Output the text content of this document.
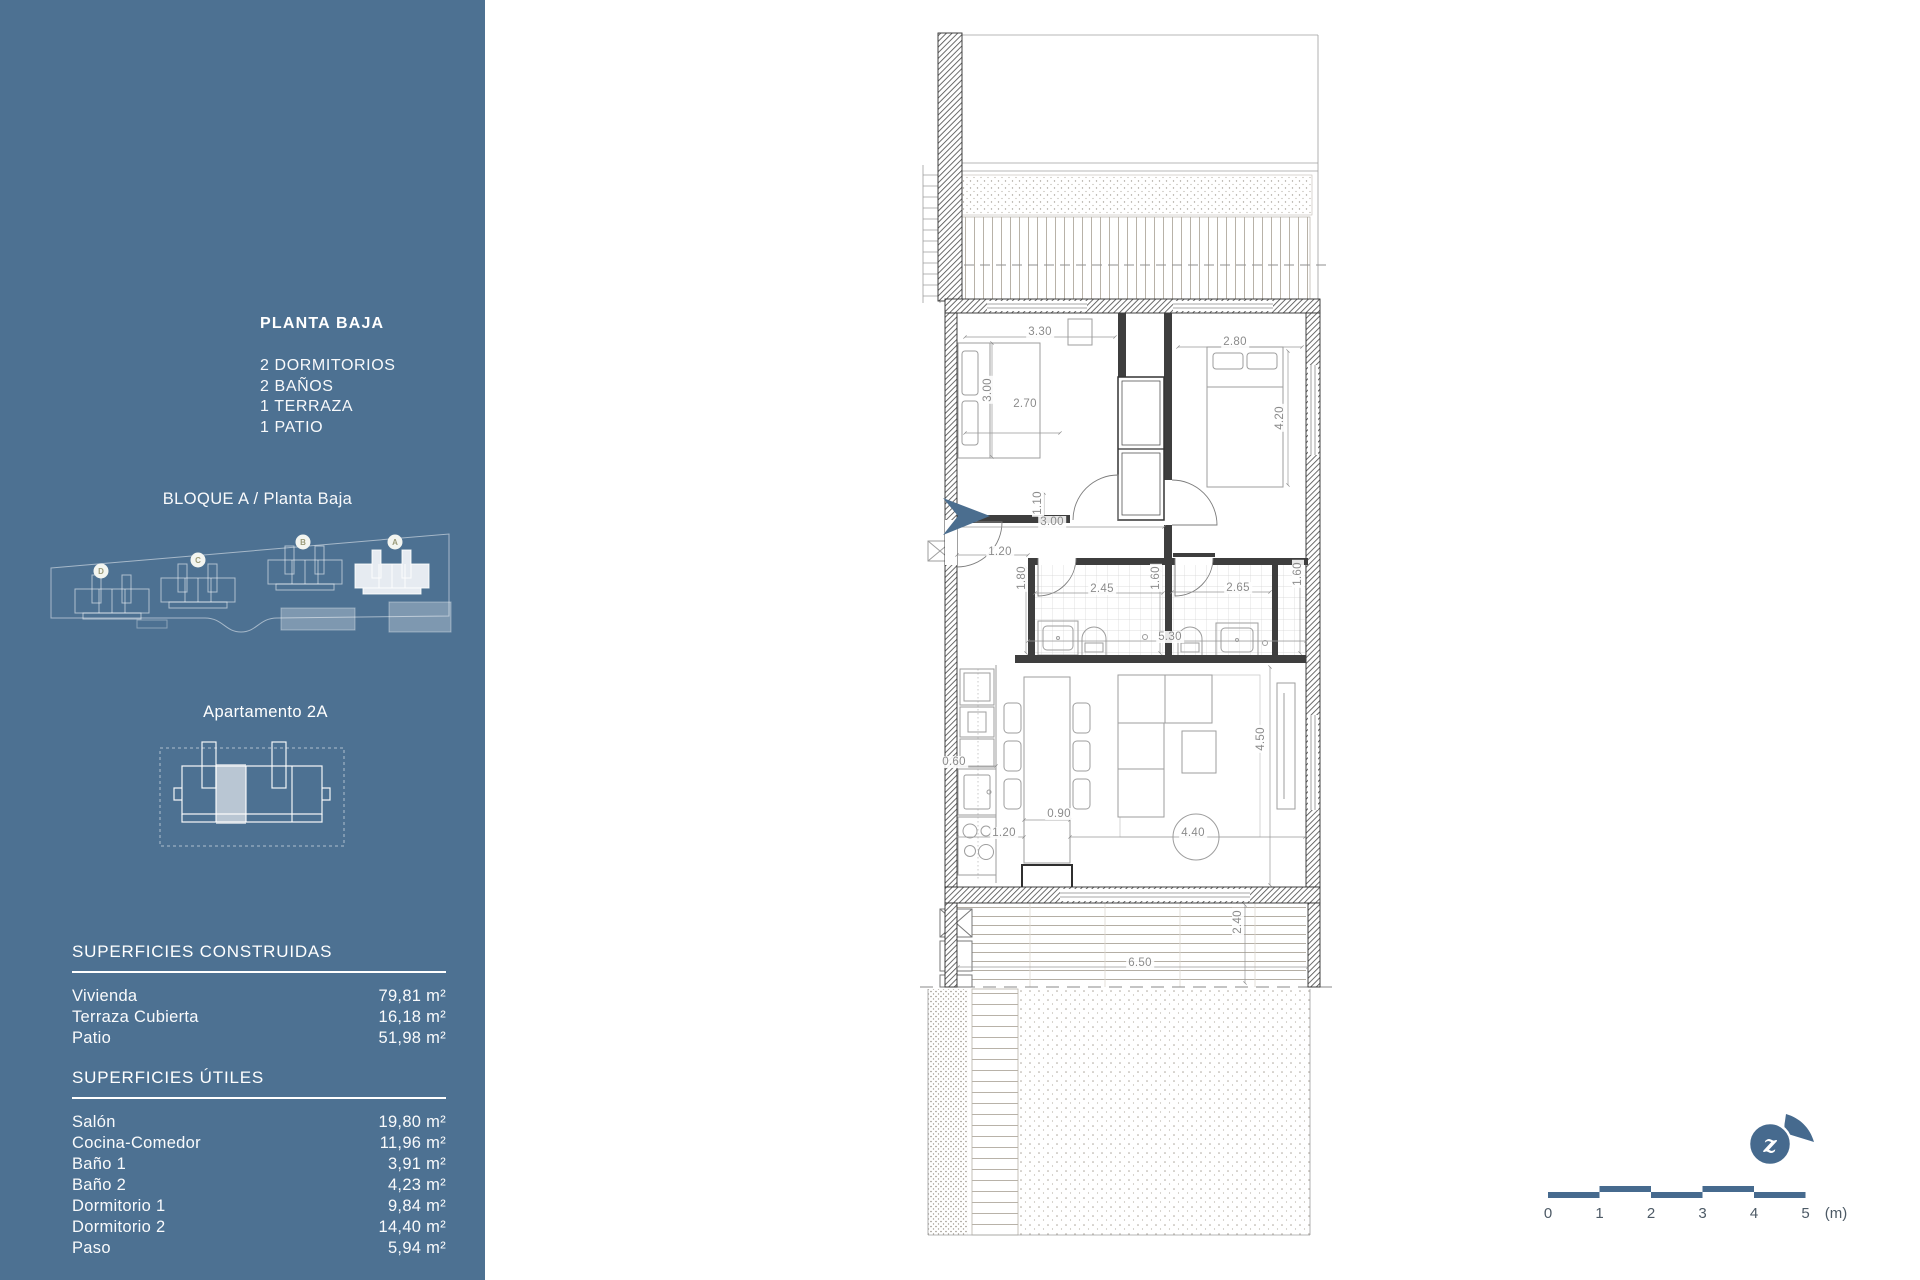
PLANTA BAJA
2 DORMITORIOS
2 BAÑOS
1 TERRAZA
1 PATIO
BLOQUE A / Planta Baja
D
C
B	A
Apartamento 2A
SUPERFICIES CONSTRUIDAS
Vivienda	79,81 m²
Terraza Cubierta	16,18 m²
Patio	51,98 m²
SUPERFICIES ÚTILES
Salón	19,80 m²
Cocina-Comedor	11,96 m²
Baño 1	3,91 m²
Baño 2	4,23 m²
Dormitorio 1	9,84 m²
Dormitorio 2	14,40 m²
Paso	5,94 m²
3.30
2.80
3.00
2.70
4.20
1.10
3.00
1.20
1.80	2.45	1.60	2.65
1.60
5.30
0.60
0.90
1.20	4.40
4.50
6.50
2.40
z
0	1	2	3	4	5 (m)
